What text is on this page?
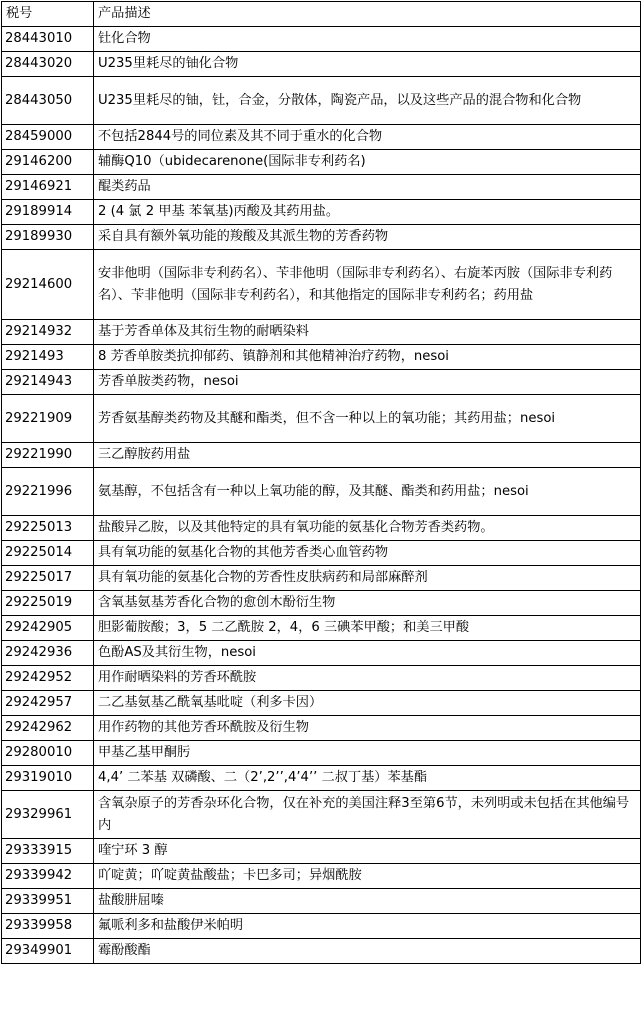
税号	产品描述
28443010	钍化合物
28443020	U235里耗尽的铀化合物
28443050	U235里耗尽的铀，钍，合金，分散体，陶瓷产品，以及这些产品的混合物和化合物
28459000	不包括2844号的同位素及其不同于重水的化合物
29146200	辅酶Q10（ubidecarenone(国际非专利药名)
29146921	醌类药品
29189914	2 (4 氯 2 甲基 苯氧基)丙酸及其药用盐。
29189930	采自具有额外氧功能的羧酸及其派生物的芳香药物
29214600	安非他明（国际非专利药名）、苄非他明（国际非专利药名）、右旋苯丙胺（国际非专利药名）、苄非他明（国际非专利药名），和其他指定的国际非专利药名；药用盐
29214932	基于芳香单体及其衍生物的耐晒染料
2921493	8 芳香单胺类抗抑郁药、镇静剂和其他精神治疗药物，nesoi
29214943	芳香单胺类药物，nesoi
29221909	芳香氨基醇类药物及其醚和酯类，但不含一种以上的氧功能；其药用盐；nesoi
29221990	三乙醇胺药用盐
29221996	氨基醇，不包括含有一种以上氧功能的醇，及其醚、酯类和药用盐；nesoi
29225013	盐酸异乙胺，以及其他特定的具有氧功能的氨基化合物芳香类药物。
29225014	具有氧功能的氨基化合物的其他芳香类心血管药物
29225017	具有氧功能的氨基化合物的芳香性皮肤病药和局部麻醉剂
29225019	含氧基氨基芳香化合物的愈创木酚衍生物
29242905	胆影葡胺酸；3，5 二乙酰胺 2，4，6 三碘苯甲酸；和美三甲酸
29242936	色酚AS及其衍生物，nesoi
29242952	用作耐晒染料的芳香环酰胺
29242957	二乙基氨基乙酰氧基吡啶（利多卡因）
29242962	用作药物的其他芳香环酰胺及衍生物
29280010	甲基乙基甲酮肟
29319010	4,4’ 二苯基 双磷酸、二（2’,2’’,4’4’’ 二叔丁基）苯基酯
29329961	含氧杂原子的芳香杂环化合物，仅在补充的美国注释3至第6节，未列明或未包括在其他编号内
29333915	喹宁环 3 醇
29339942	吖啶黄；吖啶黄盐酸盐；卡巴多司；异烟酰胺
29339951	盐酸肼屈嗪
29339958	氟哌利多和盐酸伊米帕明
29349901	霉酚酸酯
